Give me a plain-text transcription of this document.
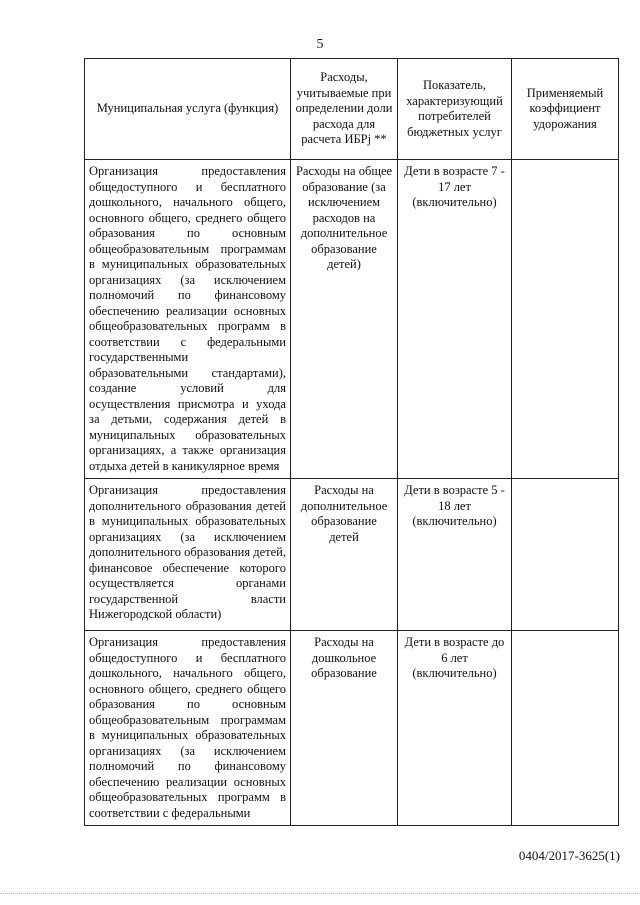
5
Муниципальная услуга (функция)	Расходы, учитываемые при определении доли расхода для расчета ИБРj **	Показатель, характеризующий потребителей бюджетных услуг	Применяемый коэффициент удорожания
Организация предоставления общедоступного и бесплатного дошкольного, начального общего, основного общего, среднего общего образования по основным общеобразовательным программам в муниципальных образовательных организациях (за исключением полномочий по финансовому обеспечению реализации основных общеобразовательных программ в соответствии с федеральными государственными образовательными стандартами), создание условий для осуществления присмотра и ухода за детьми, содержания детей в муниципальных образовательных организациях, а также организация отдыха детей в каникулярное время	Расходы на общее образование (за исключением расходов на дополнительное образование детей)	Дети в возрасте 7 - 17 лет (включительно)	
Организация предоставления дополнительного образования детей в муниципальных образовательных организациях (за исключением дополнительного образования детей, финансовое обеспечение которого осуществляется органами государственной власти Нижегородской области)	Расходы на дополнительное образование детей	Дети в возрасте 5 - 18 лет (включительно)	
Организация предоставления общедоступного и бесплатного дошкольного, начального общего, основного общего, среднего общего образования по основным общеобразовательным программам в муниципальных образовательных организациях (за исключением полномочий по финансовому обеспечению реализации основных общеобразовательных программ в соответствии с федеральными	Расходы на дошкольное образование	Дети в возрасте до 6 лет (включительно)	
0404/2017-3625(1)
